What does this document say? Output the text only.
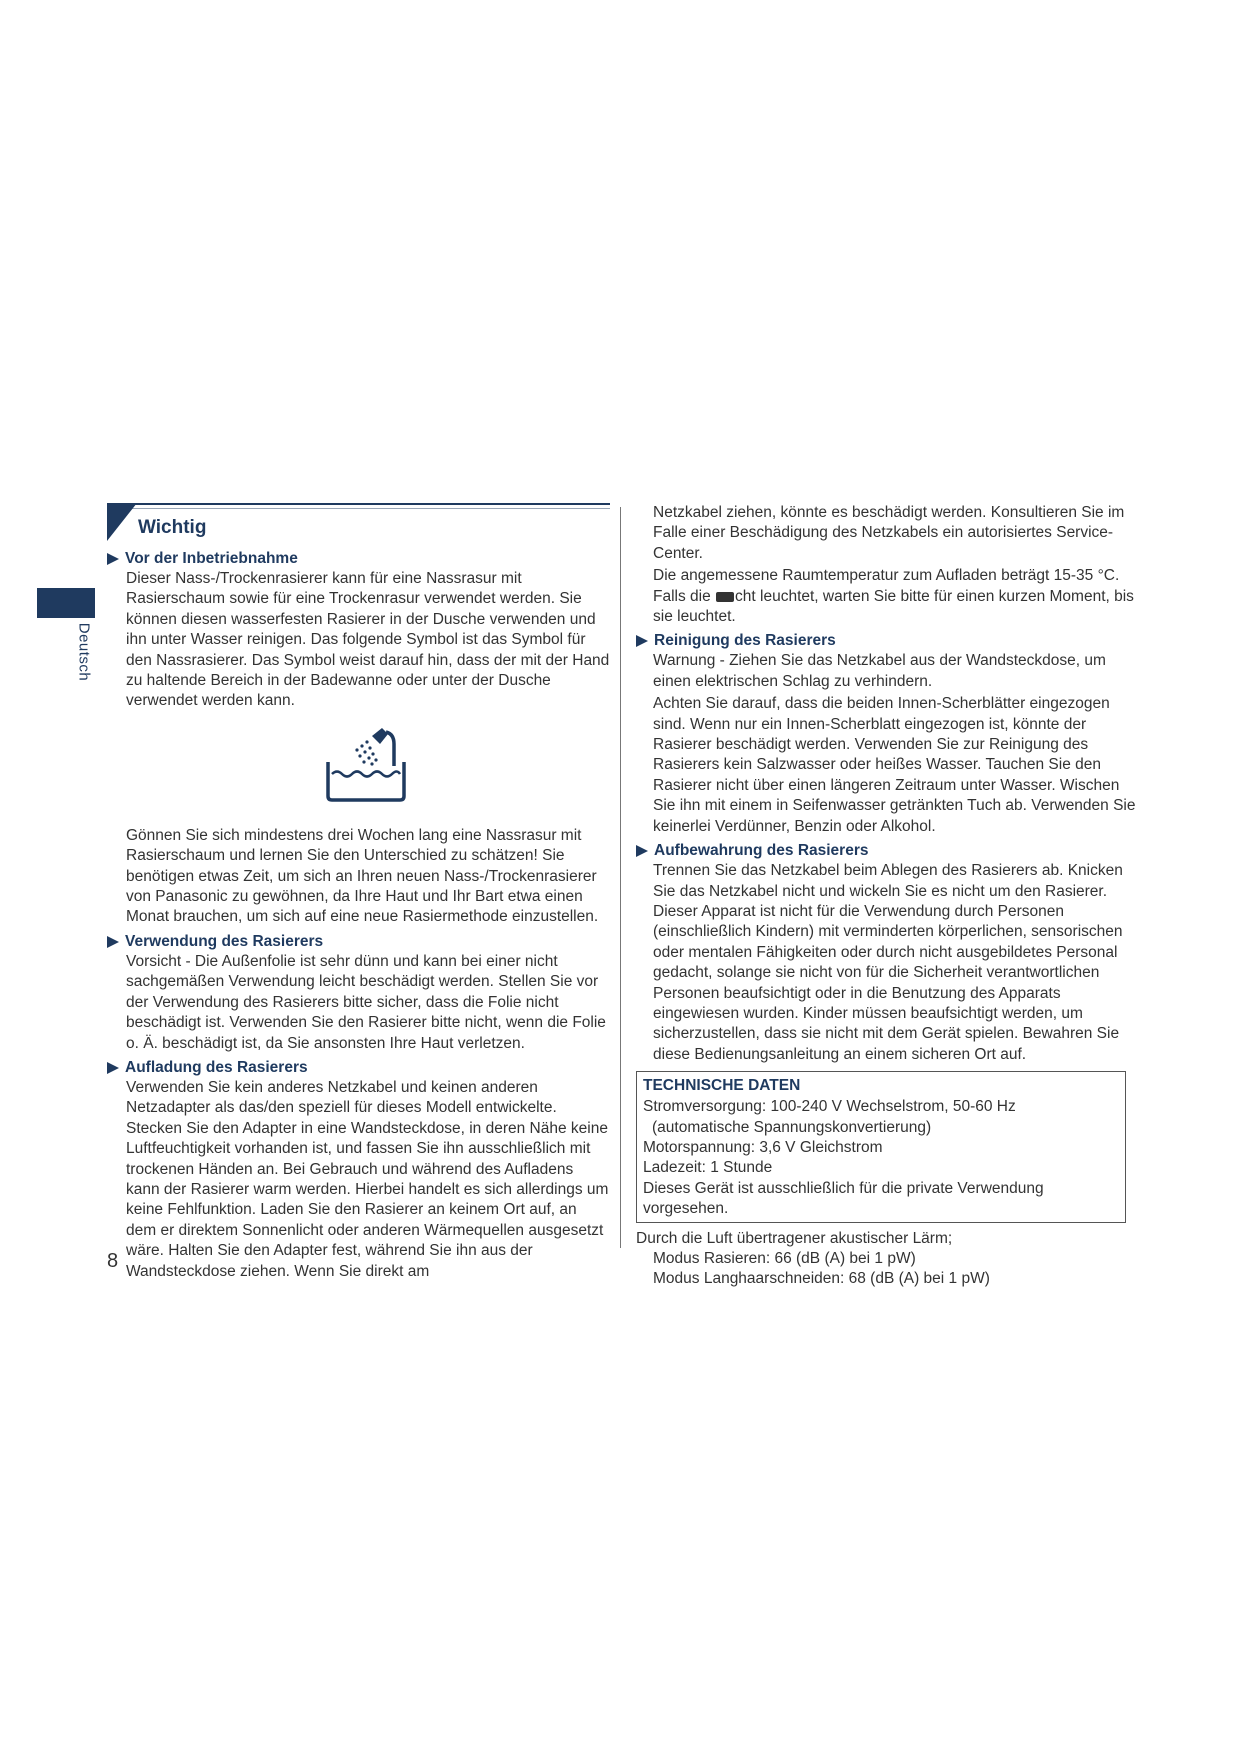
Deutsch
Wichtig
Vor der Inbetriebnahme

Dieser Nass-/Trockenrasierer kann für eine Nassrasur mit Rasierschaum sowie für eine Trockenrasur verwendet werden. Sie können diesen wasserfesten Rasierer in der Dusche verwenden und ihn unter Wasser reinigen. Das folgende Symbol ist das Symbol für den Nassrasierer. Das Symbol weist darauf hin, dass der mit der Hand zu haltende Bereich in der Badewanne oder unter der Dusche verwendet werden kann.

Gönnen Sie sich mindestens drei Wochen lang eine Nassrasur mit Rasierschaum und lernen Sie den Unterschied zu schätzen! Sie benötigen etwas Zeit, um sich an Ihren neuen Nass-/Trockenrasierer von Panasonic zu gewöhnen, da Ihre Haut und Ihr Bart etwa einen Monat brauchen, um sich auf eine neue Rasiermethode einzustellen.

Verwendung des Rasierers

Vorsicht - Die Außenfolie ist sehr dünn und kann bei einer nicht sachgemäßen Verwendung leicht beschädigt werden. Stellen Sie vor der Verwendung des Rasierers bitte sicher, dass die Folie nicht beschädigt ist. Verwenden Sie den Rasierer bitte nicht, wenn die Folie o. Ä. beschädigt ist, da Sie ansonsten Ihre Haut verletzen.

Aufladung des Rasierers

Verwenden Sie kein anderes Netzkabel und keinen anderen Netzadapter als das/den speziell für dieses Modell entwickelte. Stecken Sie den Adapter in eine Wandsteckdose, in deren Nähe keine Luftfeuchtigkeit vorhanden ist, und fassen Sie ihn ausschließlich mit trockenen Händen an. Bei Gebrauch und während des Aufladens kann der Rasierer warm werden. Hierbei handelt es sich allerdings um keine Fehlfunktion. Laden Sie den Rasierer an keinem Ort auf, an dem er direktem Sonnenlicht oder anderen Wärmequellen ausgesetzt wäre. Halten Sie den Adapter fest, während Sie ihn aus der Wandsteckdose ziehen. Wenn Sie direkt am

Netzkabel ziehen, könnte es beschädigt werden. Konsultieren Sie im Falle einer Beschädigung des Netzkabels ein autorisiertes Service-Center.

Die angemessene Raumtemperatur zum Aufladen beträgt 15-35 °C. Falls die cht leuchtet, warten Sie bitte für einen kurzen Moment, bis sie leuchtet.

Reinigung des Rasierers

Warnung - Ziehen Sie das Netzkabel aus der Wandsteckdose, um einen elektrischen Schlag zu verhindern.

Achten Sie darauf, dass die beiden Innen-Scherblätter eingezogen sind. Wenn nur ein Innen-Scherblatt eingezogen ist, könnte der Rasierer beschädigt werden. Verwenden Sie zur Reinigung des Rasierers kein Salzwasser oder heißes Wasser. Tauchen Sie den Rasierer nicht über einen längeren Zeitraum unter Wasser. Wischen Sie ihn mit einem in Seifenwasser getränkten Tuch ab. Verwenden Sie keinerlei Verdünner, Benzin oder Alkohol.

Aufbewahrung des Rasierers

Trennen Sie das Netzkabel beim Ablegen des Rasierers ab. Knicken Sie das Netzkabel nicht und wickeln Sie es nicht um den Rasierer. Dieser Apparat ist nicht für die Verwendung durch Personen (einschließlich Kindern) mit verminderten körperlichen, sensorischen oder mentalen Fähigkeiten oder durch nicht ausgebildetes Personal gedacht, solange sie nicht von für die Sicherheit verantwortlichen Personen beaufsichtigt oder in die Benutzung des Apparats eingewiesen wurden. Kinder müssen beaufsichtigt werden, um sicherzustellen, dass sie nicht mit dem Gerät spielen. Bewahren Sie diese Bedienungsanleitung an einem sicheren Ort auf.

TECHNISCHE DATEN
Stromversorgung: 100-240 V Wechselstrom, 50-60 Hz
(automatische Spannungskonvertierung)
Motorspannung: 3,6 V Gleichstrom
Ladezeit: 1 Stunde
Dieses Gerät ist ausschließlich für die private Verwendung vorgesehen.
Durch die Luft übertragener akustischer Lärm;
Modus Rasieren: 66 (dB (A) bei 1 pW)
Modus Langhaarschneiden: 68 (dB (A) bei 1 pW)
8
